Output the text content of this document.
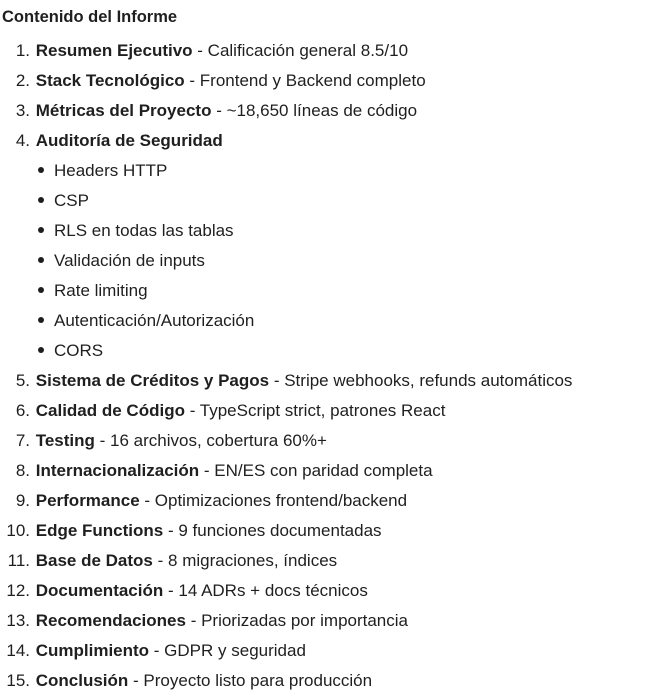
Contenido del Informe
1. Resumen Ejecutivo - Calificación general 8.5/10
2. Stack Tecnológico - Frontend y Backend completo
3. Métricas del Proyecto - ~18,650 líneas de código
4. Auditoría de Seguridad
Headers HTTP
CSP
RLS en todas las tablas
Validación de inputs
Rate limiting
Autenticación/Autorización
CORS
5. Sistema de Créditos y Pagos - Stripe webhooks, refunds automáticos
6. Calidad de Código - TypeScript strict, patrones React
7. Testing - 16 archivos, cobertura 60%+
8. Internacionalización - EN/ES con paridad completa
9. Performance - Optimizaciones frontend/backend
10. Edge Functions - 9 funciones documentadas
11. Base de Datos - 8 migraciones, índices
12. Documentación - 14 ADRs + docs técnicos
13. Recomendaciones - Priorizadas por importancia
14. Cumplimiento - GDPR y seguridad
15. Conclusión - Proyecto listo para producción
